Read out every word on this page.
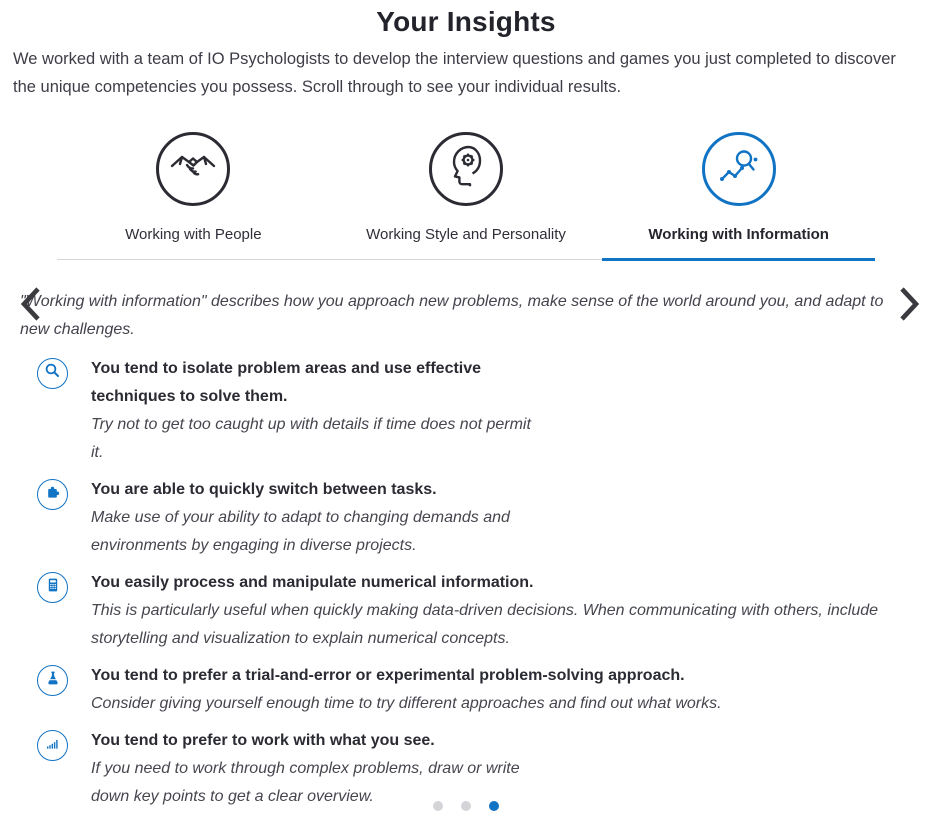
Your Insights

We worked with a team of IO Psychologists to develop the interview questions and games you just completed to discover the unique competencies you possess. Scroll through to see your individual results.

Working with People	Working Style and Personality	Working with Information

"Working with information" describes how you approach new problems, make sense of the world around you, and adapt to new challenges.

You tend to isolate problem areas and use effective techniques to solve them.
Try not to get too caught up with details if time does not permit it.
You are able to quickly switch between tasks.
Make use of your ability to adapt to changing demands and environments by engaging in diverse projects.
You easily process and manipulate numerical information.
This is particularly useful when quickly making data-driven decisions. When communicating with others, include storytelling and visualization to explain numerical concepts.
You tend to prefer a trial-and-error or experimental problem-solving approach.
Consider giving yourself enough time to try different approaches and find out what works.
You tend to prefer to work with what you see.
If you need to work through complex problems, draw or write down key points to get a clear overview.
